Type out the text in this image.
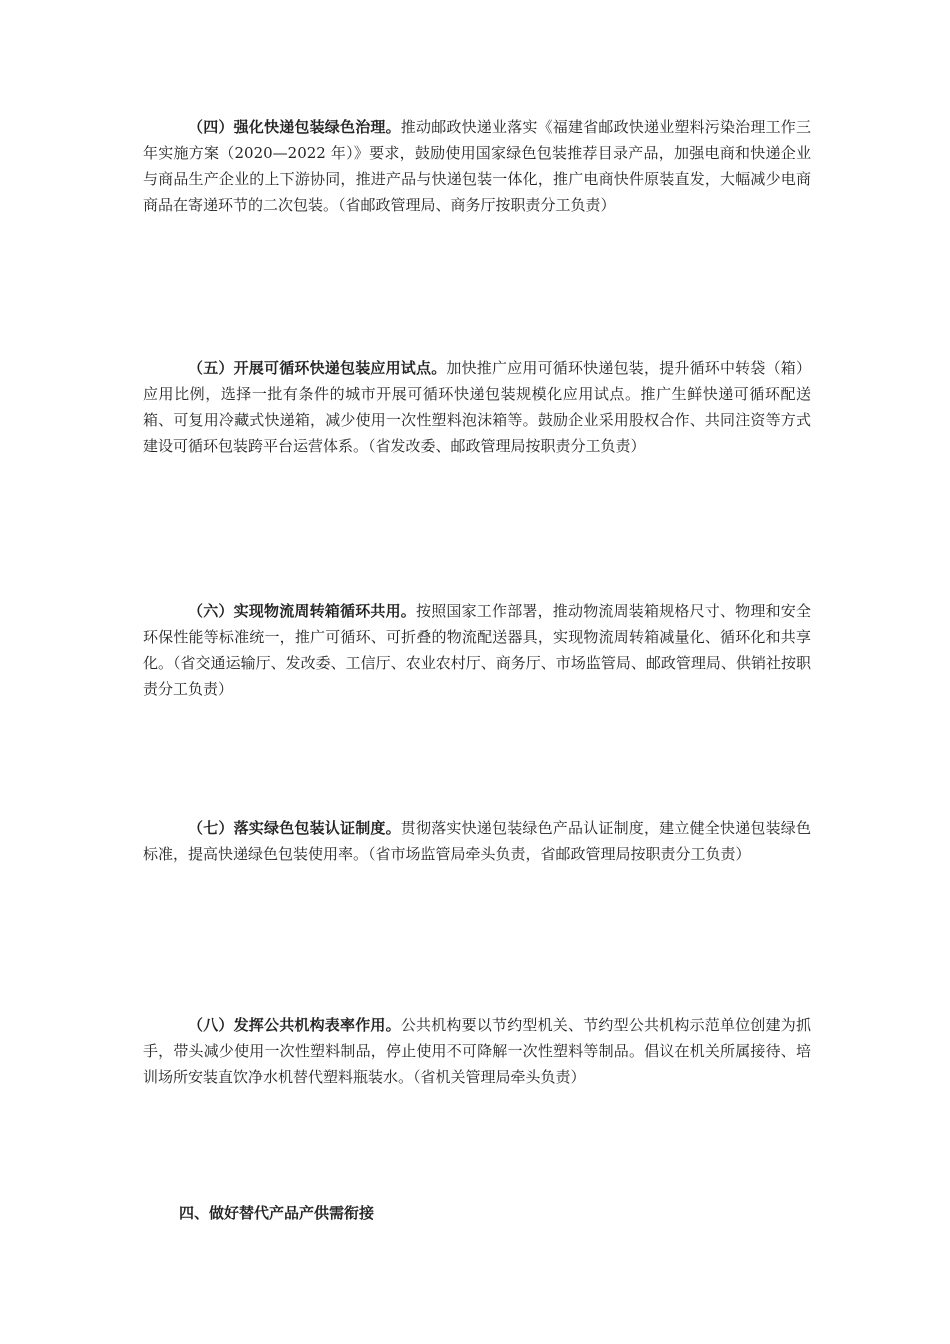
（四）强化快递包装绿色治理。推动邮政快递业落实《福建省邮政快递业塑料污染治理工作三年实施方案（2020—2022 年）》要求，鼓励使用国家绿色包装推荐目录产品，加强电商和快递企业与商品生产企业的上下游协同，推进产品与快递包装一体化，推广电商快件原装直发，大幅减少电商商品在寄递环节的二次包装。（省邮政管理局、商务厅按职责分工负责）

（五）开展可循环快递包装应用试点。加快推广应用可循环快递包装，提升循环中转袋（箱）应用比例，选择一批有条件的城市开展可循环快递包装规模化应用试点。推广生鲜快递可循环配送箱、可复用冷藏式快递箱，减少使用一次性塑料泡沫箱等。鼓励企业采用股权合作、共同注资等方式建设可循环包装跨平台运营体系。（省发改委、邮政管理局按职责分工负责）

（六）实现物流周转箱循环共用。按照国家工作部署，推动物流周装箱规格尺寸、物理和安全环保性能等标准统一，推广可循环、可折叠的物流配送器具，实现物流周转箱减量化、循环化和共享化。（省交通运输厅、发改委、工信厅、农业农村厅、商务厅、市场监管局、邮政管理局、供销社按职责分工负责）

（七）落实绿色包装认证制度。贯彻落实快递包装绿色产品认证制度，建立健全快递包装绿色标准，提高快递绿色包装使用率。（省市场监管局牵头负责，省邮政管理局按职责分工负责）

（八）发挥公共机构表率作用。公共机构要以节约型机关、节约型公共机构示范单位创建为抓手，带头减少使用一次性塑料制品，停止使用不可降解一次性塑料等制品。倡议在机关所属接待、培训场所安装直饮净水机替代塑料瓶装水。（省机关管理局牵头负责）

四、做好替代产品产供需衔接
